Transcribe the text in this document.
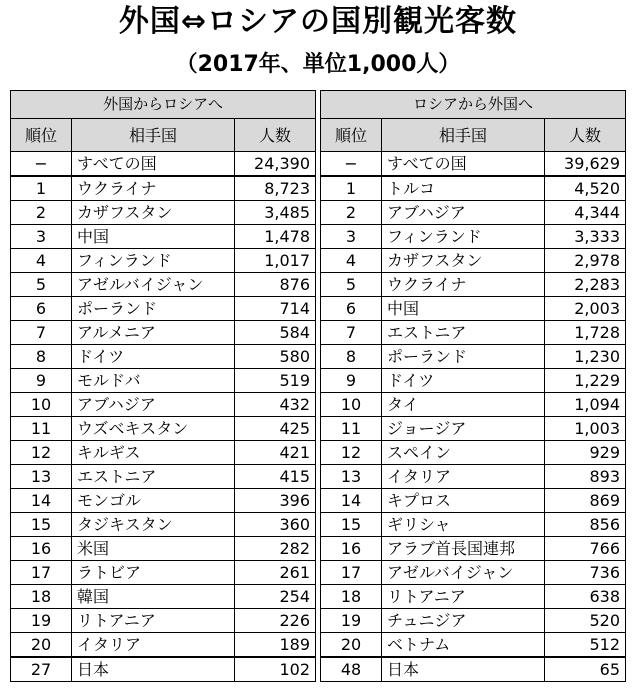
外国⇔ロシアの国別観光客数
（2017年、単位1,000人）
外国からロシアへ		
順位	相手国	人数
−	すべての国	24,390
1	ウクライナ	8,723
2	カザフスタン	3,485
3	中国	1,478
4	フィンランド	1,017
5	アゼルバイジャン	876
6	ポーランド	714
7	アルメニア	584
8	ドイツ	580
9	モルドバ	519
10	アブハジア	432
11	ウズベキスタン	425
12	キルギス	421
13	エストニア	415
14	モンゴル	396
15	タジキスタン	360
16	米国	282
17	ラトビア	261
18	韓国	254
19	リトアニア	226
20	イタリア	189
27	日本	102
ロシアから外国へ		
順位	相手国	人数
−	すべての国	39,629
1	トルコ	4,520
2	アブハジア	4,344
3	フィンランド	3,333
4	カザフスタン	2,978
5	ウクライナ	2,283
6	中国	2,003
7	エストニア	1,728
8	ポーランド	1,230
9	ドイツ	1,229
10	タイ	1,094
11	ジョージア	1,003
12	スペイン	929
13	イタリア	893
14	キプロス	869
15	ギリシャ	856
16	アラブ首長国連邦	766
17	アゼルバイジャン	736
18	リトアニア	638
19	チュニジア	520
20	ベトナム	512
48	日本	65
